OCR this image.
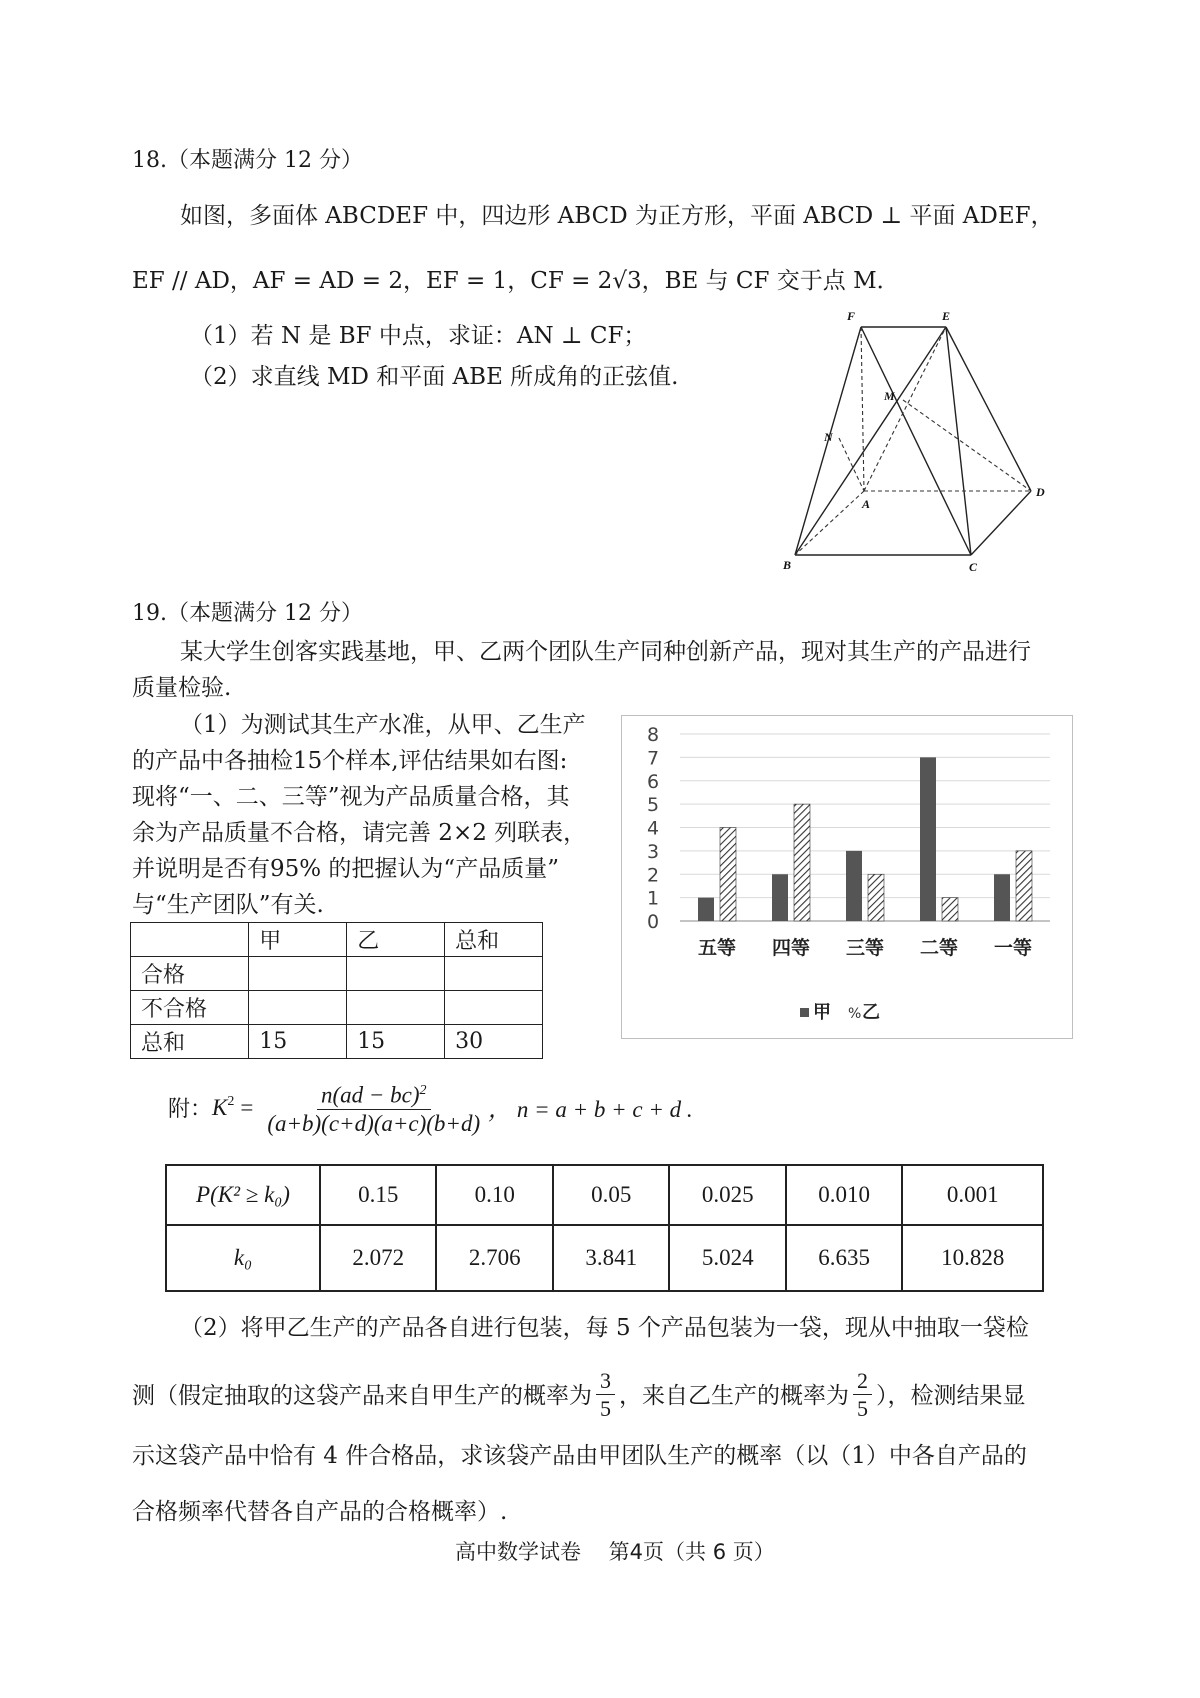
18.（本题满分 12 分）
如图，多面体 ABCDEF 中，四边形 ABCD 为正方形，平面 ABCD ⊥ 平面 ADEF，
EF // AD，AF = AD = 2，EF = 1，CF = 2√3，BE 与 CF 交于点 M．
（1）若 N 是 BF 中点，求证：AN ⊥ CF；
（2）求直线 MD 和平面 ABE 所成角的正弦值.
F	E
M
N
A
D
B	C
19.（本题满分 12 分）
某大学生创客实践基地，甲、乙两个团队生产同种创新产品，现对其生产的产品进行
质量检验.
（1）为测试其生产水准，从甲、乙生产
的产品中各抽检15个样本,评估结果如右图:
现将“一、二、三等”视为产品质量合格，其
余为产品质量不合格，请完善 2×2 列联表，
并说明是否有95% 的把握认为“产品质量”
与“生产团队”有关.
	甲	乙	总和
合格			
不合格			
总和	15	15	30
0
1
2
3
4
5
6
7
8
五等 四等 三等 二等 一等
甲 % 乙
附： $K^2 = \frac{n(ad - bc)^2}{(a+b)(c+d)(a+c)(b+d)}$ ， n = a + b + c + d .
P(K² ≥ k₀)	0.15	0.10	0.05	0.025	0.010	0.001
k₀	2.072	2.706	3.841	5.024	6.635	10.828
（2）将甲乙生产的产品各自进行包装，每 5 个产品包装为一袋，现从中抽取一袋检
测（假定抽取的这袋产品来自甲生产的概率为 $\frac{3}{5}$ ，来自乙生产的概率为 $\frac{2}{5}$ ），检测结果显
示这袋产品中恰有 4 件合格品，求该袋产品由甲团队生产的概率（以（1）中各自产品的
合格频率代替各自产品的合格概率）.
高中数学试卷　 第4页（共 6 页）
